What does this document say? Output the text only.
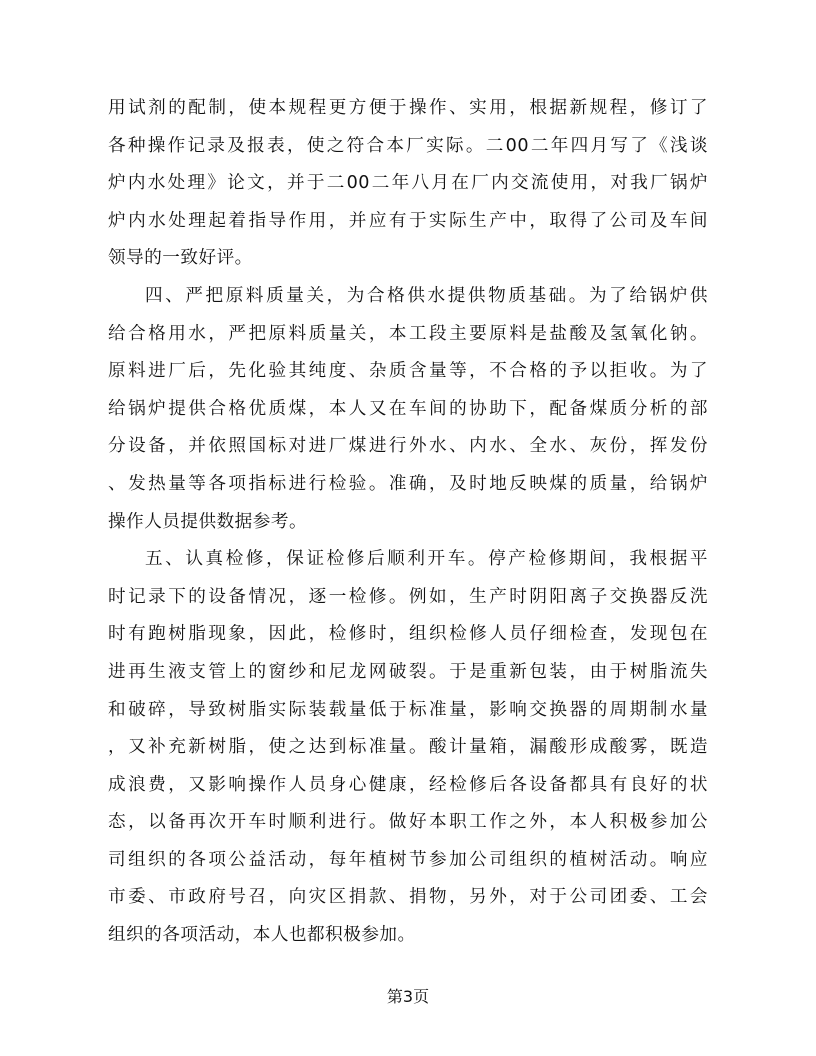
用试剂的配制，使本规程更方便于操作、实用，根据新规程，修订了
各种操作记录及报表，使之符合本厂实际。二00二年四月写了《浅谈
炉内水处理》论文，并于二00二年八月在厂内交流使用，对我厂锅炉
炉内水处理起着指导作用，并应有于实际生产中，取得了公司及车间
领导的一致好评。
四、严把原料质量关，为合格供水提供物质基础。为了给锅炉供
给合格用水，严把原料质量关，本工段主要原料是盐酸及氢氧化钠。
原料进厂后，先化验其纯度、杂质含量等，不合格的予以拒收。为了
给锅炉提供合格优质煤，本人又在车间的协助下，配备煤质分析的部
分设备，并依照国标对进厂煤进行外水、内水、全水、灰份，挥发份
、发热量等各项指标进行检验。准确，及时地反映煤的质量，给锅炉
操作人员提供数据参考。
五、认真检修，保证检修后顺利开车。停产检修期间，我根据平
时记录下的设备情况，逐一检修。例如，生产时阴阳离子交换器反洗
时有跑树脂现象，因此，检修时，组织检修人员仔细检查，发现包在
进再生液支管上的窗纱和尼龙网破裂。于是重新包装，由于树脂流失
和破碎，导致树脂实际装载量低于标准量，影响交换器的周期制水量
，又补充新树脂，使之达到标准量。酸计量箱，漏酸形成酸雾，既造
成浪费，又影响操作人员身心健康，经检修后各设备都具有良好的状
态，以备再次开车时顺利进行。做好本职工作之外，本人积极参加公
司组织的各项公益活动，每年植树节参加公司组织的植树活动。响应
市委、市政府号召，向灾区捐款、捐物，另外，对于公司团委、工会
组织的各项活动，本人也都积极参加。
第3页
